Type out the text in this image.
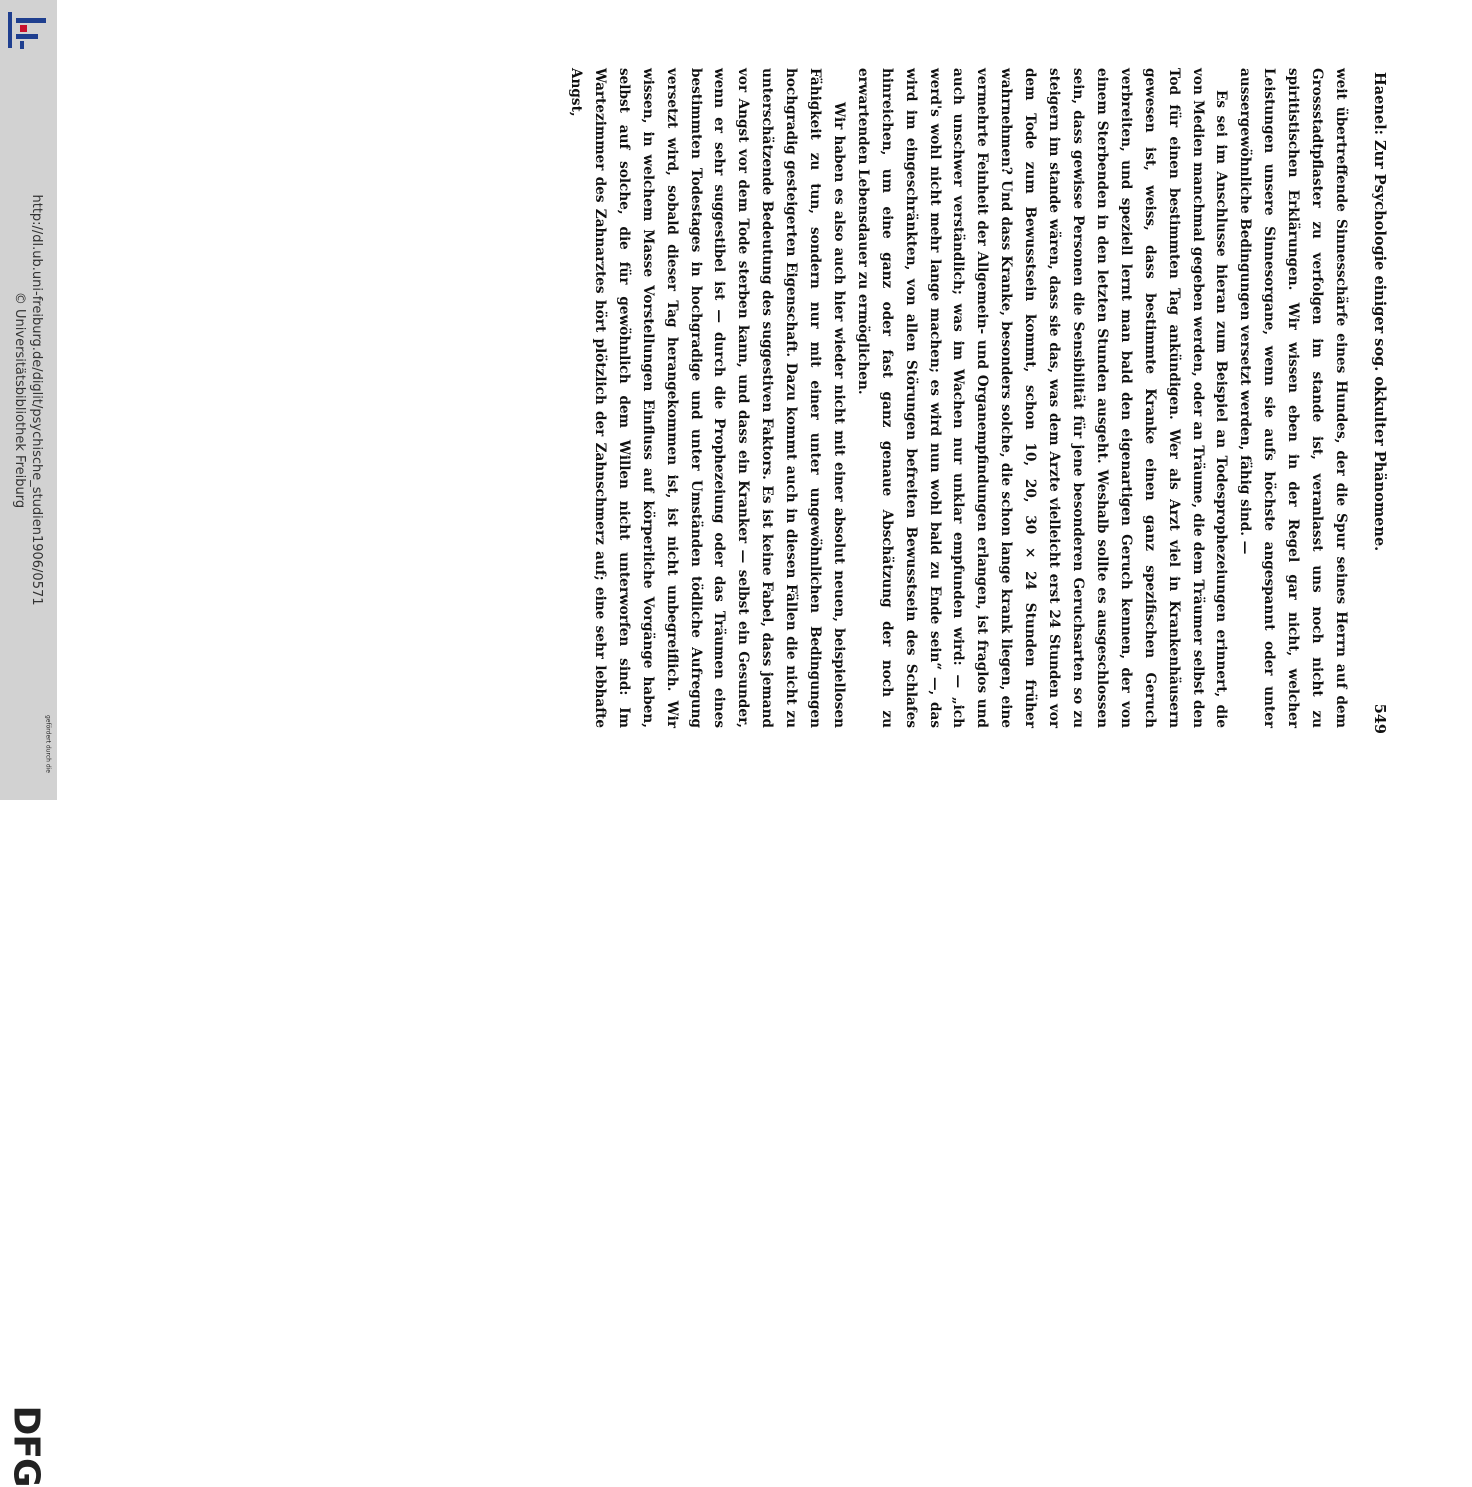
http://dl.ub.uni-freiburg.de/diglit/psychische_studien1906/0571
© Universitätsbibliothek Freiburg
DFG
gefördert durch die
Haenel: Zur Psychologie einiger sog. okkulter Phänomene.
549

weit übertreffende Sinnesschärfe eines Hundes, der die Spur seines Herrn auf dem Grossstadtpflaster zu verfolgen im stande ist, veranlasst uns noch nicht zu spiritistischen Erklärungen. Wir wissen eben in der Regel gar nicht, welcher Leistungen unsere Sinnesorgane, wenn sie aufs höchste angespannt oder unter aussergewöhnliche Bedingungen versetzt werden, fähig sind. —

Es sei im Anschlusse hieran zum Beispiel an Todesprophezeiungen erinnert, die von Medien manchmal gegeben werden, oder an Träume, die dem Träumer selbst den Tod für einen bestimmten Tag ankündigen. Wer als Arzt viel in Krankenhäusern gewesen ist, weiss, dass bestimmte Kranke einen ganz spezifischen Geruch verbreiten, und speziell lernt man bald den eigenartigen Geruch kennen, der von einem Sterbenden in den letzten Stunden ausgeht. Weshalb sollte es ausgeschlossen sein, dass gewisse Personen die Sensibilität für jene besonderen Geruchsarten so zu steigern im stande wären, dass sie das, was dem Arzte vielleicht erst 24 Stunden vor dem Tode zum Bewusstsein kommt, schon 10, 20, 30 × 24 Stunden früher wahrnehmen? Und dass Kranke, besonders solche, die schon lange krank liegen, eine vermehrte Feinheit der Allgemein- und Organempfindungen erlangen, ist fraglos und auch unschwer verständlich; was im Wachen nur unklar empfunden wird: — „ich werd's wohl nicht mehr lange machen; es wird nun wohl bald zu Ende sein“ —, das wird im eingeschränkten, von allen Störungen befreiten Bewusstsein des Schlafes hinreichen, um eine ganz oder fast ganz genaue Abschätzung der noch zu erwartenden Lebensdauer zu ermöglichen.

Wir haben es also auch hier wieder nicht mit einer absolut neuen, beispiellosen Fähigkeit zu tun, sondern nur mit einer unter ungewöhnlichen Bedingungen hochgradig gesteigerten Eigenschaft. Dazu kommt auch in diesen Fällen die nicht zu unterschätzende Bedeutung des suggestiven Faktors. Es ist keine Fabel, dass jemand vor Angst vor dem Tode sterben kann, und dass ein Kranker — selbst ein Gesunder, wenn er sehr suggestibel ist — durch die Prophezeiung oder das Träumen eines bestimmten Todestages in hochgradige und unter Umständen tödliche Aufregung versetzt wird, sobald dieser Tag herangekommen ist, ist nicht unbegreiflich. Wir wissen, in welchem Masse Vorstellungen Einfluss auf körperliche Vorgänge haben, selbst auf solche, die für gewöhnlich dem Willen nicht unterworfen sind: Im Wartezimmer des Zahnarztes hört plötzlich der Zahnschmerz auf; eine sehr lebhafte Angst,
